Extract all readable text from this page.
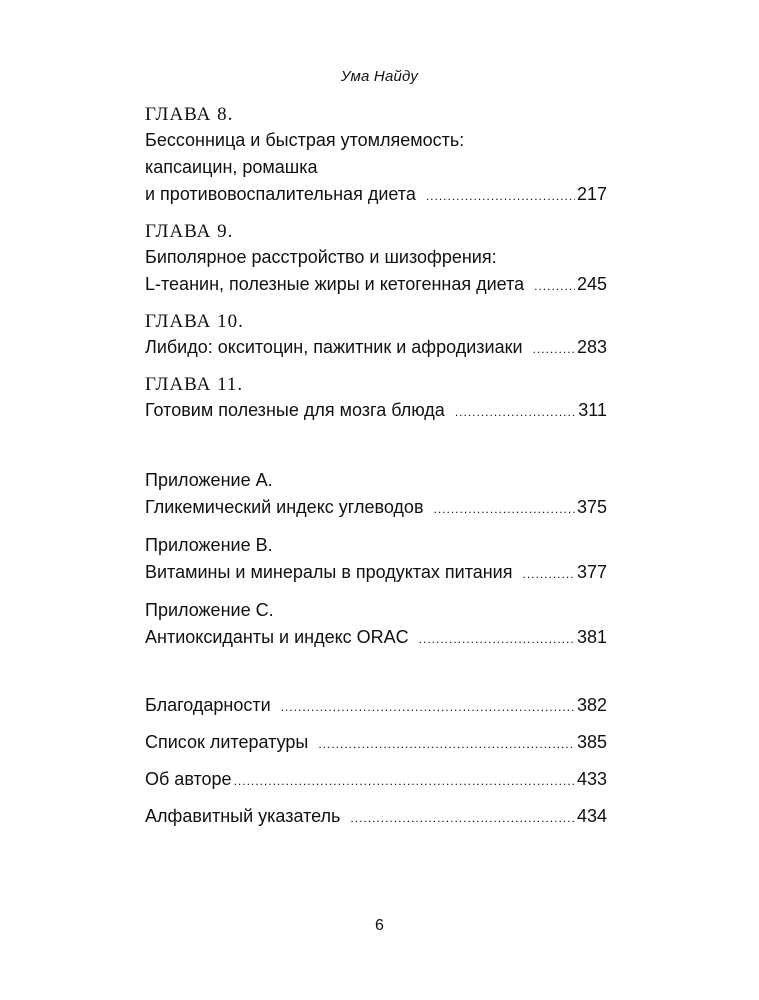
Ума Найду
ГЛАВА 8.
Бессонница и быстрая утомляемость:
капсаицин, ромашка
и противовоспалительная диета .....	217
ГЛАВА 9.
Биполярное расстройство и шизофрения:
L-теанин, полезные жиры и кетогенная диета .....	245
ГЛАВА 10.
Либидо: окситоцин, пажитник и афродизиаки .....	283
ГЛАВА 11.
Готовим полезные для мозга блюда .....	311
Приложение A.
Гликемический индекс углеводов .....	375
Приложение B.
Витамины и минералы в продуктах питания .....	377
Приложение C.
Антиоксиданты и индекс ORAC .....	381
Благодарности .....	382
Список литературы .....	385
Об авторе .....	433
Алфавитный указатель .....	434
6
